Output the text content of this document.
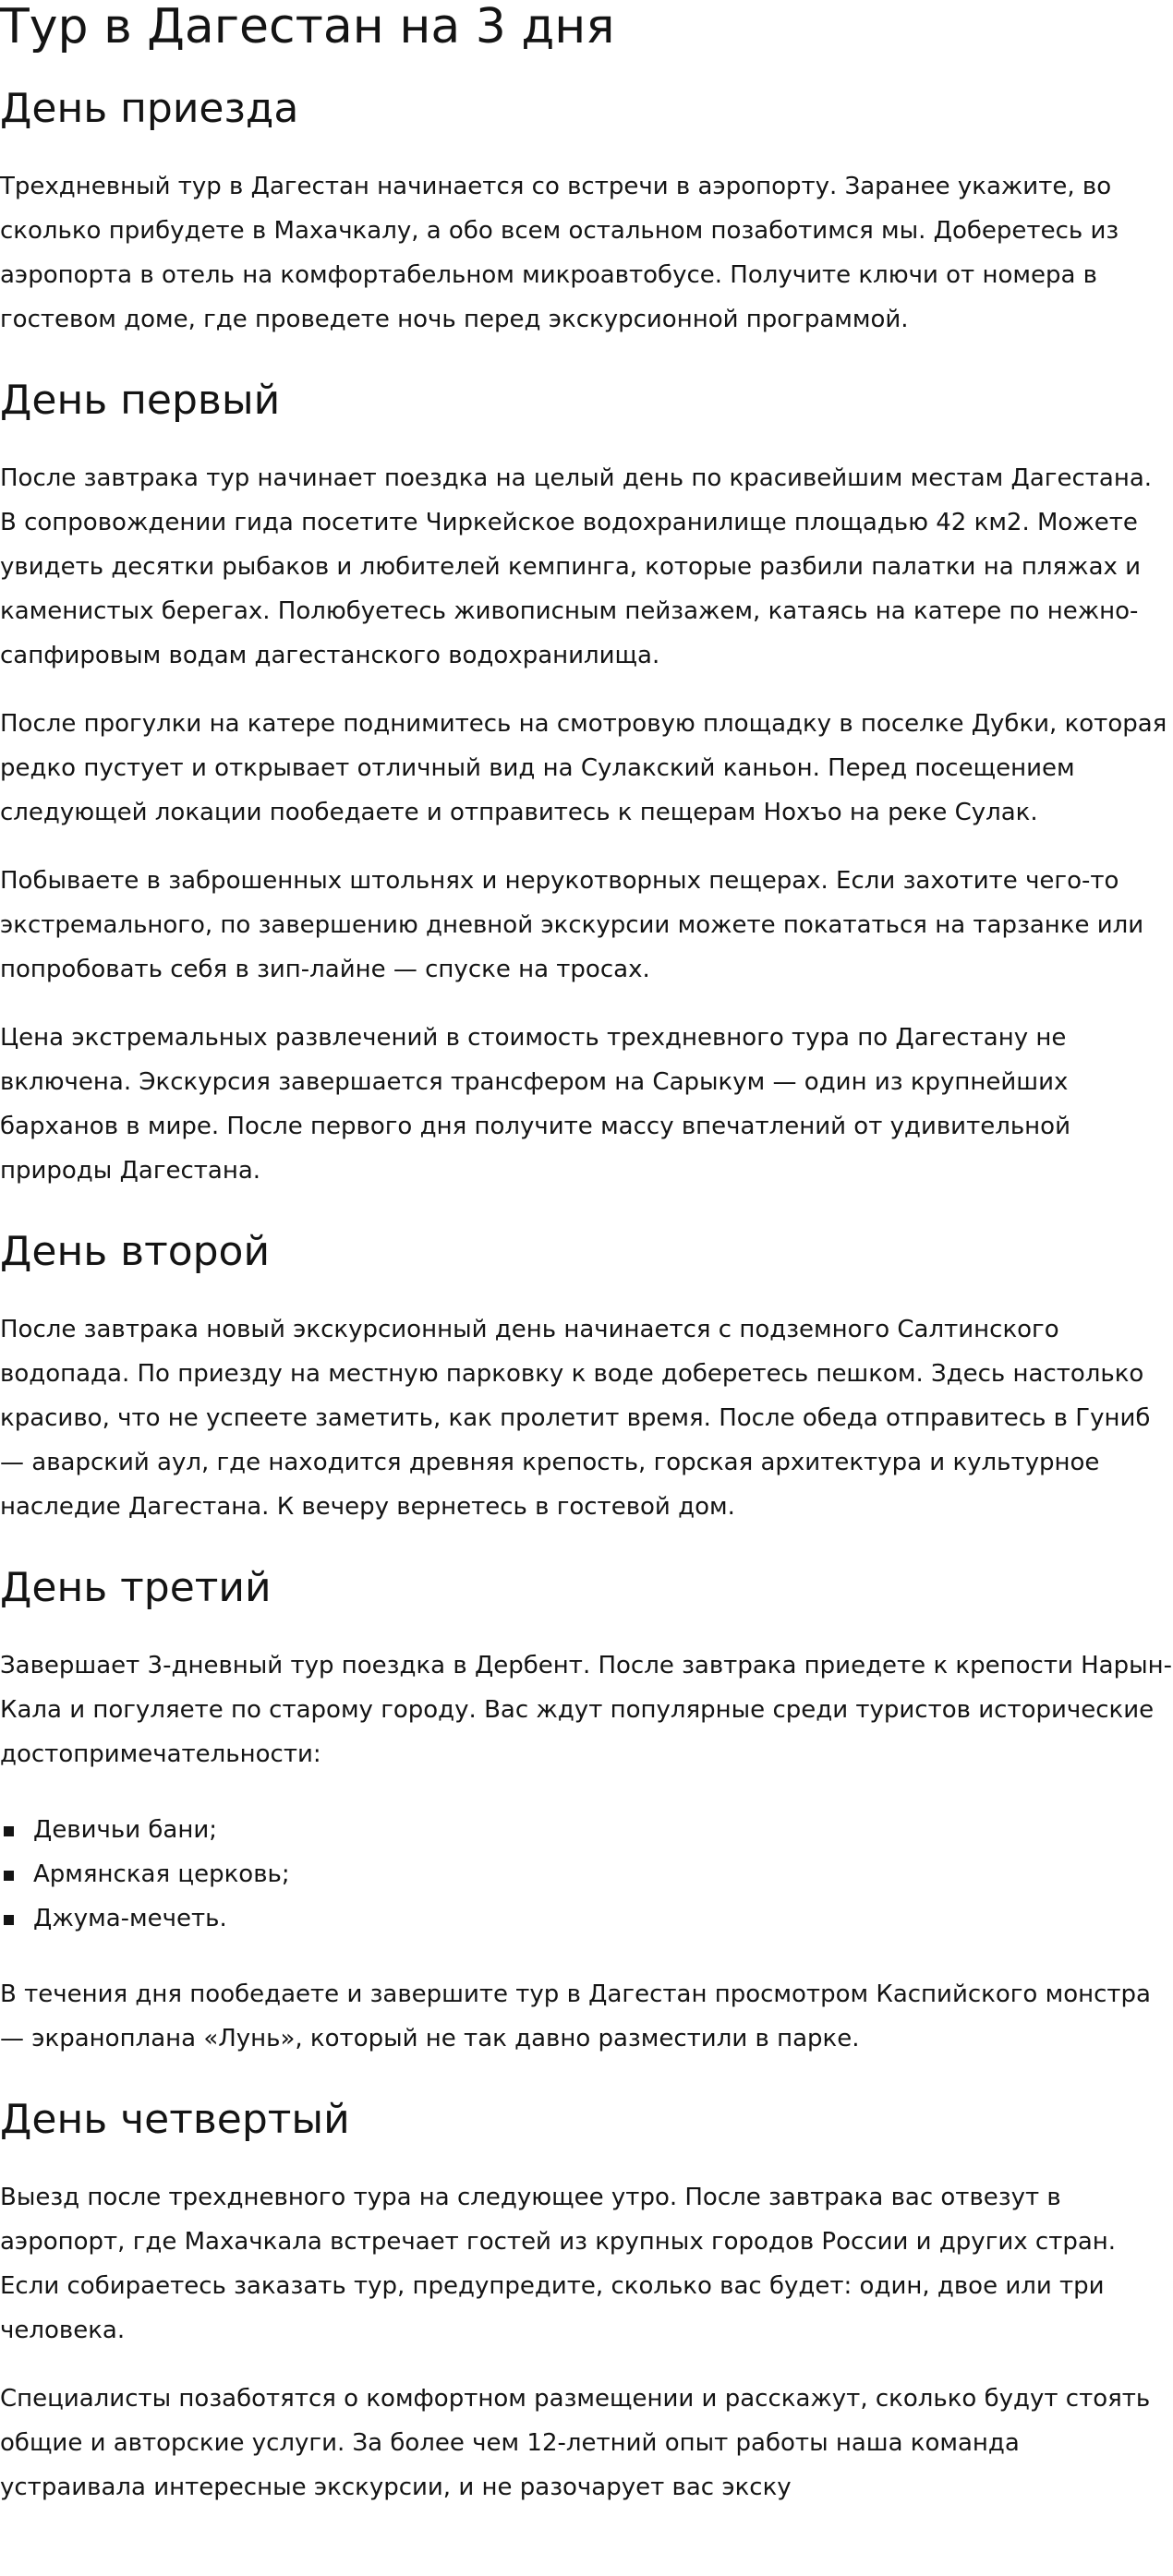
Тур в Дагестан на 3 дня
День приезда

Трехдневный тур в Дагестан начинается со встречи в аэропорту. Заранее укажите, во сколько прибудете в Махачкалу, а обо всем остальном позаботимся мы. Доберетесь из аэропорта в отель на комфортабельном микроавтобусе. Получите ключи от номера в гостевом доме, где проведете ночь перед экскурсионной программой.

День первый

После завтрака тур начинает поездка на целый день по красивейшим местам Дагестана. В сопровождении гида посетите Чиркейское водохранилище площадью 42 км2. Можете увидеть десятки рыбаков и любителей кемпинга, которые разбили палатки на пляжах и каменистых берегах. Полюбуетесь живописным пейзажем, катаясь на катере по нежно-сапфировым водам дагестанского водохранилища.

После прогулки на катере поднимитесь на смотровую площадку в поселке Дубки, которая редко пустует и открывает отличный вид на Сулакский каньон. Перед посещением следующей локации пообедаете и отправитесь к пещерам Нохъо на реке Сулак.

Побываете в заброшенных штольнях и нерукотворных пещерах. Если захотите чего-то экстремального, по завершению дневной экскурсии можете покататься на тарзанке или попробовать себя в зип-лайне — спуске на тросах.

Цена экстремальных развлечений в стоимость трехдневного тура по Дагестану не включена. Экскурсия завершается трансфером на Сарыкум — один из крупнейших барханов в мире. После первого дня получите массу впечатлений от удивительной природы Дагестана.

День второй

После завтрака новый экскурсионный день начинается с подземного Салтинского водопада. По приезду на местную парковку к воде доберетесь пешком. Здесь настолько красиво, что не успеете заметить, как пролетит время. После обеда отправитесь в Гуниб — аварский аул, где находится древняя крепость, горская архитектура и культурное наследие Дагестана. К вечеру вернетесь в гостевой дом.

День третий

Завершает 3-дневный тур поездка в Дербент. После завтрака приедете к крепости Нарын-Кала и погуляете по старому городу. Вас ждут популярные среди туристов исторические достопримечательности:

Девичьи бани;
Армянская церковь;
Джума-мечеть.

В течения дня пообедаете и завершите тур в Дагестан просмотром Каспийского монстра — экраноплана «Лунь», который не так давно разместили в парке.

День четвертый

Выезд после трехдневного тура на следующее утро. После завтрака вас отвезут в аэропорт, где Махачкала встречает гостей из крупных городов России и других стран. Если собираетесь заказать тур, предупредите, сколько вас будет: один, двое или три человека.

Специалисты позаботятся о комфортном размещении и расскажут, сколько будут стоять общие и авторские услуги. За более чем 12-летний опыт работы наша команда устраивала интересные экскурсии, и не разочарует вас экску
